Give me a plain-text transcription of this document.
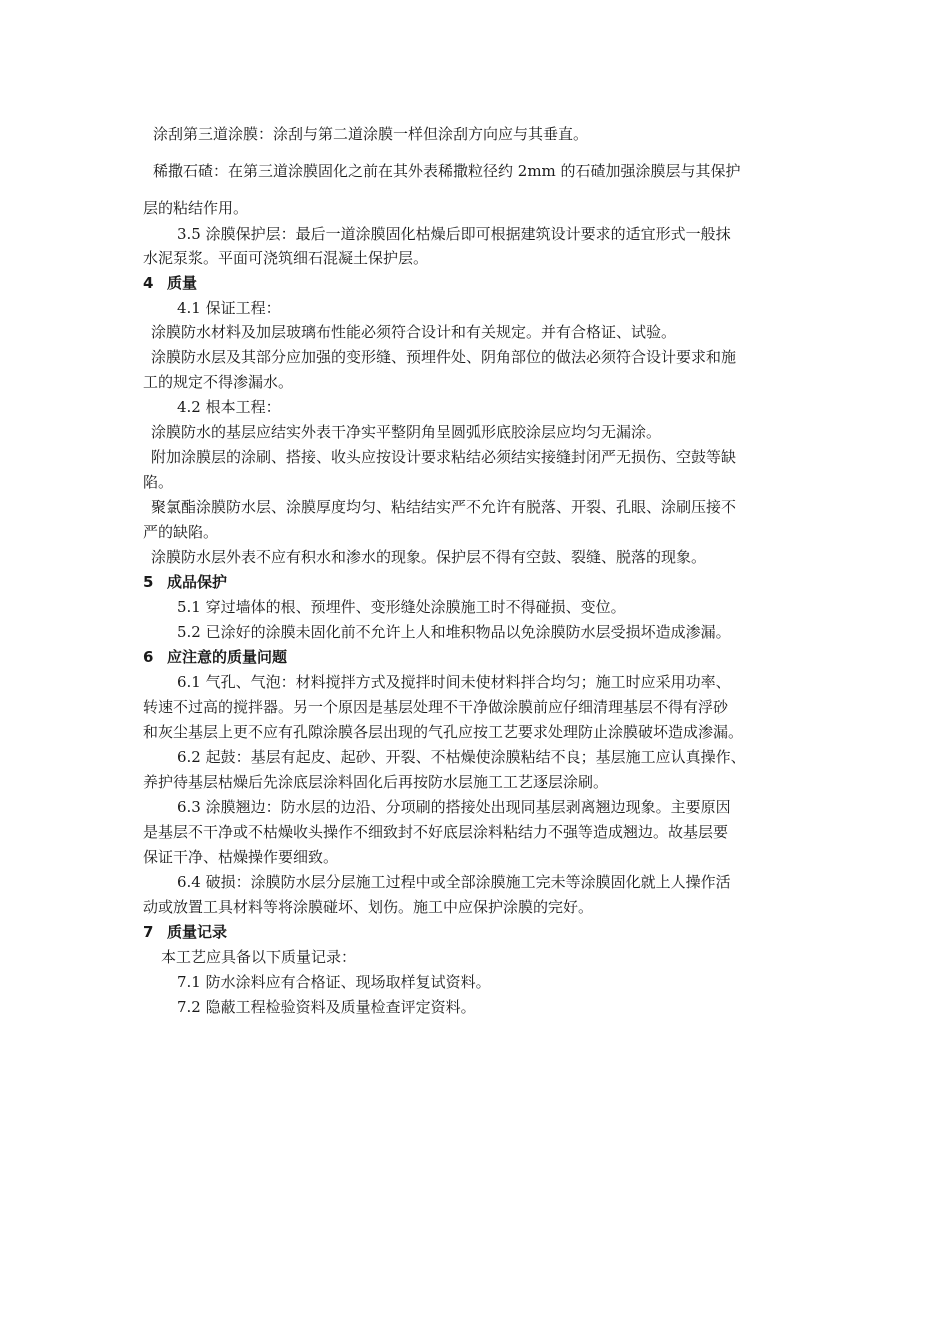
涂刮第三道涂膜：涂刮与第二道涂膜一样但涂刮方向应与其垂直。
稀撒石碴：在第三道涂膜固化之前在其外表稀撒粒径约 2mm 的石碴加强涂膜层与其保护
层的粘结作用。
3.5 涂膜保护层：最后一道涂膜固化枯燥后即可根据建筑设计要求的适宜形式一般抹
水泥泵浆。平面可浇筑细石混凝土保护层。
4 质量
4.1 保证工程：
涂膜防水材料及加层玻璃布性能必须符合设计和有关规定。并有合格证、试验。
涂膜防水层及其部分应加强的变形缝、预埋件处、阴角部位的做法必须符合设计要求和施
工的规定不得渗漏水。
4.2 根本工程：
涂膜防水的基层应结实外表干净实平整阴角呈圆弧形底胶涂层应均匀无漏涂。
附加涂膜层的涂刷、搭接、收头应按设计要求粘结必须结实接缝封闭严无损伤、空鼓等缺
陷。
聚氯酯涂膜防水层、涂膜厚度均匀、粘结结实严不允许有脱落、开裂、孔眼、涂刷压接不
严的缺陷。
涂膜防水层外表不应有积水和渗水的现象。保护层不得有空鼓、裂缝、脱落的现象。
5 成品保护
5.1 穿过墙体的根、预埋件、变形缝处涂膜施工时不得碰损、变位。
5.2 已涂好的涂膜未固化前不允许上人和堆积物品以免涂膜防水层受损坏造成渗漏。
6 应注意的质量问题
6.1 气孔、气泡：材料搅拌方式及搅拌时间未使材料拌合均匀；施工时应采用功率、
转速不过高的搅拌器。另一个原因是基层处理不干净做涂膜前应仔细清理基层不得有浮砂
和灰尘基层上更不应有孔隙涂膜各层出现的气孔应按工艺要求处理防止涂膜破坏造成渗漏。
6.2 起鼓：基层有起皮、起砂、开裂、不枯燥使涂膜粘结不良；基层施工应认真操作、
养护待基层枯燥后先涂底层涂料固化后再按防水层施工工艺逐层涂刷。
6.3 涂膜翘边：防水层的边沿、分项刷的搭接处出现同基层剥离翘边现象。主要原因
是基层不干净或不枯燥收头操作不细致封不好底层涂料粘结力不强等造成翘边。故基层要
保证干净、枯燥操作要细致。
6.4 破损：涂膜防水层分层施工过程中或全部涂膜施工完未等涂膜固化就上人操作活
动或放置工具材料等将涂膜碰坏、划伤。施工中应保护涂膜的完好。
7 质量记录
本工艺应具备以下质量记录：
7.1 防水涂料应有合格证、现场取样复试资料。
7.2 隐蔽工程检验资料及质量检查评定资料。
